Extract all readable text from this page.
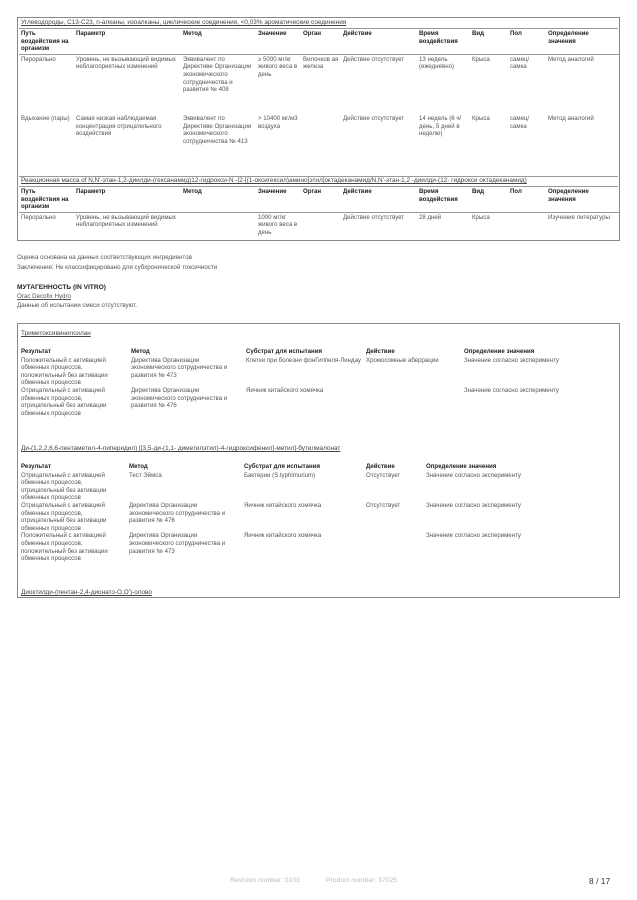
Углеводороды, C13-C23, n-алканы, изоалканы, циклические соединения, <0,03% ароматические соединения
Путь воздействия на организм	Параметр	Метод	Значение	Орган	Действие	Время воздействия	Вид	Пол	Определение значения
Перорально	Уровень, не вызывающий видимых неблагоприятных изменений	Эквивалент по Директиве Организации экономического сотрудничества и развития № 408	≥ 5000 мг/кг живого веса в день	Вилочков ая железа	Действие отсутствует	13 недель (ежедневно)	Крыса	самец/ самка	Метод аналогий
Вдыхание (пары)	Самая низкая наблюдаемая концентрация отрицательного воздействия	Эквивалент по Директиве Организации экономического сотрудничества № 413	> 10400 мг/м3 воздуха		Действие отсутствует	14 недель (6 ч/день, 5 дней в неделю)	Крыса	самец/ самка	Метод аналогий
Реакционная масса of N,N'-этан-1,2-диилди-(гексанамид)12-гидрокси-N -[2-[(1-оксигексил)амино]этил]октадеканамид/N,N'-этан-1,2 -диилди-(12- гидрокси октадеканамид)
Путь воздействия на организм	Параметр	Метод	Значение	Орган	Действие	Время воздействия	Вид	Пол	Определение значения
Перорально	Уровень, не вызывающий видимых неблагоприятных изменений		1000 мг/кг живого веса в день		Действие отсутствует	28 дней	Крыса		Изучение литературы
Оценка основана на данных соответствующих ингредиентов
Заключение: Не классифицировано для субхронической токсичности
МУТАГЕННОСТЬ (IN VITRO)
Orac Decofix Hydro
Данные об испытании смеси отсутствуют.
Триметоксивинилсилан
Результат	Метод	Субстрат для испытания	Действие	Определение значения
Положительный с активацией обменных процессов, положительный без активации обменных процессов	Директива Организации экономического сотрудничества и развития № 473	Клетки при болезни фонГиппеля-Линдау	Хромосомные аберрации	Значение согласно эксперименту
Отрицательный с активацией обменных процессов, отрицательный без активации обменных процессов	Директива Организации экономического сотрудничества и развития № 476	Яичник китайского хомячка		Значение согласно эксперименту
Ди-(1,2,2,6,6-пентаметил-4-пиперидил) [[3,5-ди-(1,1- диметилэтил)-4-гидроксифенил]-метил]-бутилмалонат
Результат	Метод	Субстрат для испытания	Действие	Определение значения
Отрицательный с активацией обменных процессов, отрицательный без активации обменных процессов	Тест Эймса	Бактерии (S.typhimurium)	Отсутствует	Значение согласно эксперименту
Отрицательный с активацией обменных процессов, отрицательный без активации обменных процессов	Директива Организации экономического сотрудничества и развития № 476	Яичник китайского хомячка	Отсутствует	Значение согласно эксперименту
Положительный с активацией обменных процессов, положительный без активации обменных процессов	Директива Организации экономического сотрудничества и развития № 473	Яичник китайского хомячка		Значение согласно эксперименту
Диоктилди-(пентан-2,4-дионато-O,O')-олово
Revision number: 0103	Product number: 37025	8 / 17
